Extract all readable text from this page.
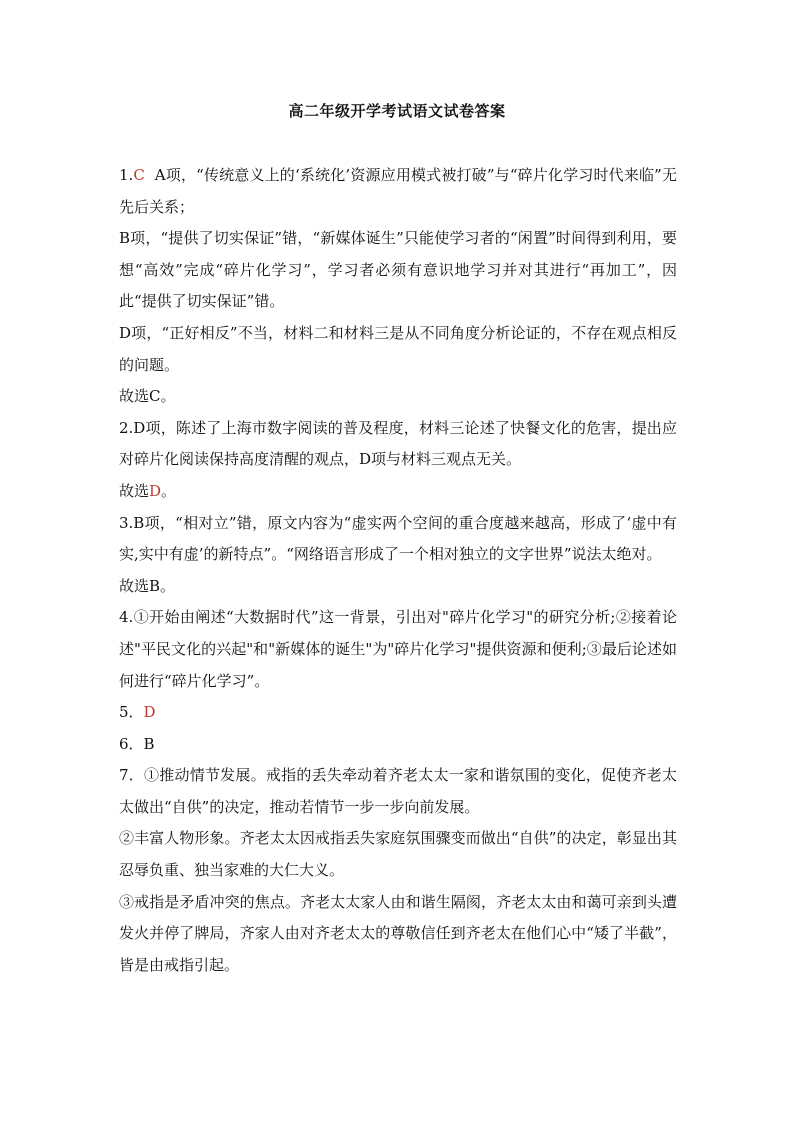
高二年级开学考试语文试卷答案

1.C A项，“传统意义上的‘系统化’资源应用模式被打破”与“碎片化学习时代来临”无先后关系；

B项，“提供了切实保证”错，“新媒体诞生”只能使学习者的“闲置”时间得到利用，要想“高效”完成“碎片化学习”，学习者必须有意识地学习并对其进行“再加工”，因此“提供了切实保证”错。

D项，“正好相反”不当，材料二和材料三是从不同角度分析论证的，不存在观点相反的问题。

故选C。

2.D项，陈述了上海市数字阅读的普及程度，材料三论述了快餐文化的危害，提出应对碎片化阅读保持高度清醒的观点，D项与材料三观点无关。

故选D。

3.B项，“相对立”错，原文内容为“虚实两个空间的重合度越来越高，形成了‘虚中有实,实中有虚’的新特点”。“网络语言形成了一个相对独立的文字世界”说法太绝对。

故选B。

4.①开始由阐述“大数据时代”这一背景，引出对"碎片化学习"的研究分析;②接着论述"平民文化的兴起"和"新媒体的诞生"为"碎片化学习"提供资源和便利;③最后论述如何进行“碎片化学习”。

5．D

6．B

7．①推动情节发展。戒指的丢失牵动着齐老太太一家和谐氛围的变化，促使齐老太太做出“自供”的决定，推动若情节一步一步向前发展。

②丰富人物形象。齐老太太因戒指丢失家庭氛围骤变而做出“自供”的决定，彰显出其忍辱负重、独当家难的大仁大义。

③戒指是矛盾冲突的焦点。齐老太太家人由和谐生隔阂，齐老太太由和蔼可亲到头遭发火并停了牌局，齐家人由对齐老太太的尊敬信任到齐老太在他们心中“矮了半截”，皆是由戒指引起。
